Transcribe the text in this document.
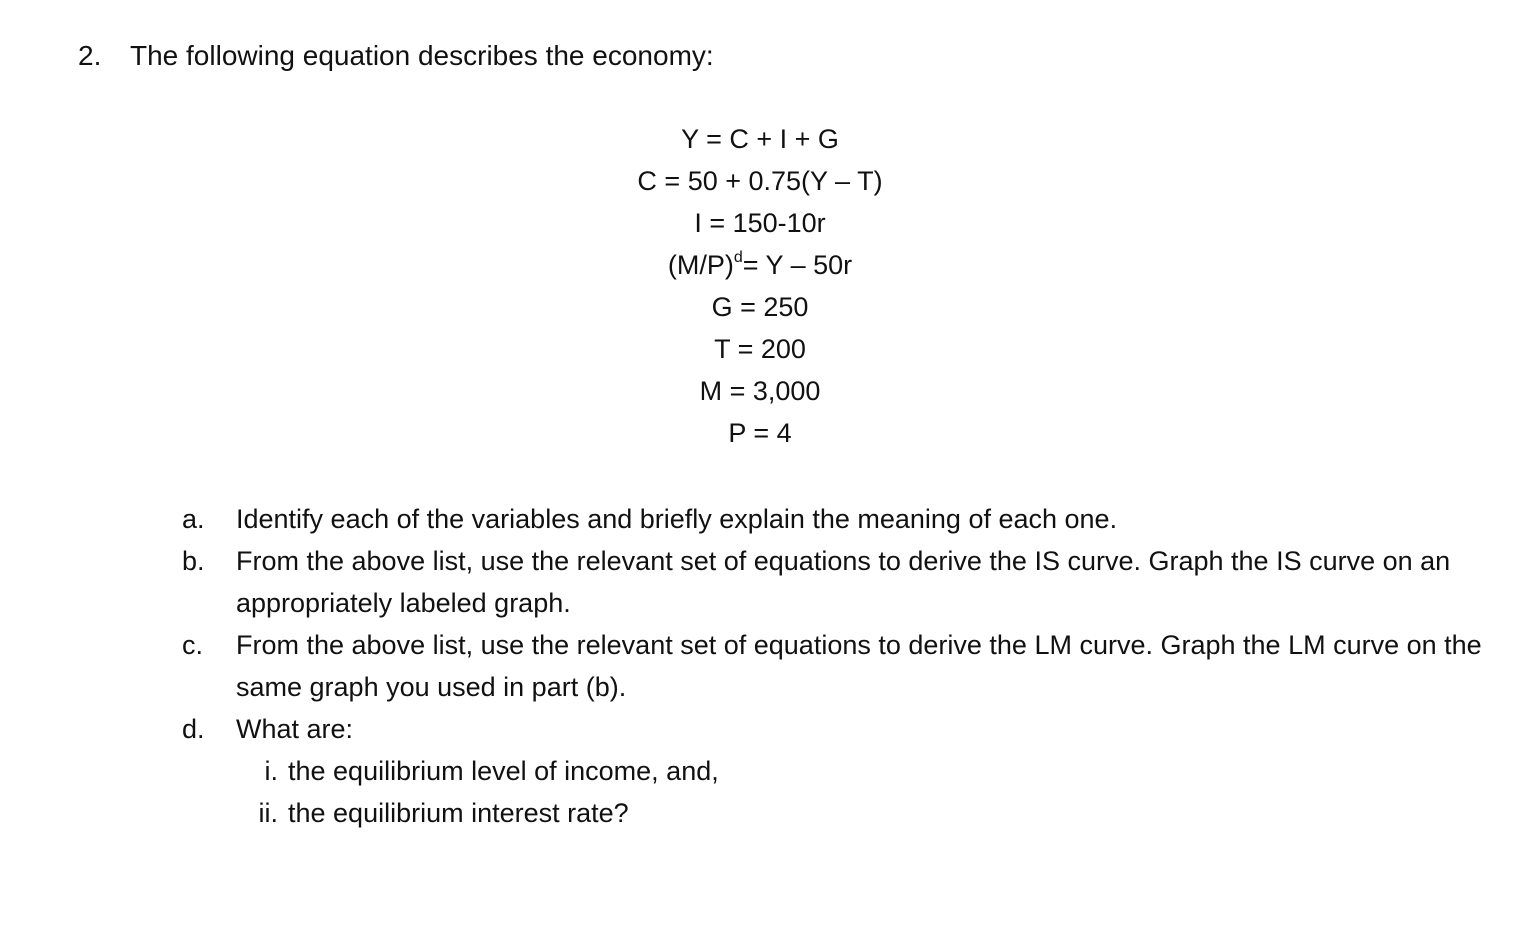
2. The following equation describes the economy:
Y = C + I + G
C = 50 + 0.75(Y – T)
I = 150-10r
$(M/P)^d= Y - 50r$
G = 250
T = 200
M = 3,000
P = 4
a.	Identify each of the variables and briefly explain the meaning of each one.
b.	From the above list, use the relevant set of equations to derive the IS curve. Graph the IS curve on an appropriately labeled graph.
c.	From the above list, use the relevant set of equations to derive the LM curve. Graph the LM curve on the same graph you used in part (b).
d.	What are:
i. the equilibrium level of income, and,
ii. the equilibrium interest rate?
